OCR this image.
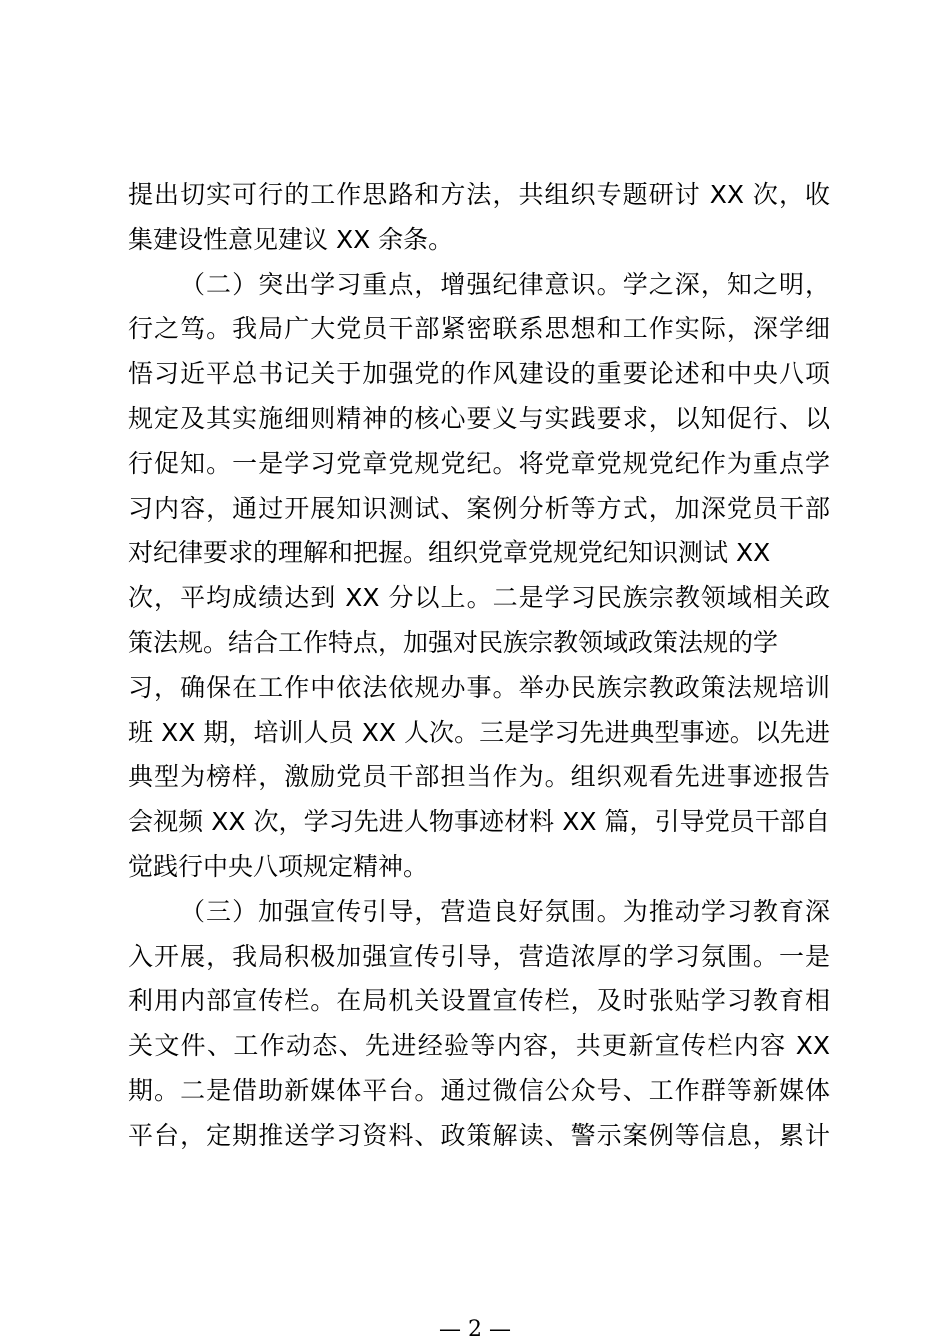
提出切实可行的工作思路和方法，共组织专题研讨 XX 次，收
集建设性意见建议 XX 余条。
（二）突出学习重点，增强纪律意识。学之深，知之明，
行之笃。我局广大党员干部紧密联系思想和工作实际，深学细
悟习近平总书记关于加强党的作风建设的重要论述和中央八项
规定及其实施细则精神的核心要义与实践要求，以知促行、以
行促知。一是学习党章党规党纪。将党章党规党纪作为重点学
习内容，通过开展知识测试、案例分析等方式，加深党员干部
对纪律要求的理解和把握。组织党章党规党纪知识测试 XX
次，平均成绩达到 XX 分以上。二是学习民族宗教领域相关政
策法规。结合工作特点，加强对民族宗教领域政策法规的学
习，确保在工作中依法依规办事。举办民族宗教政策法规培训
班 XX 期，培训人员 XX 人次。三是学习先进典型事迹。以先进
典型为榜样，激励党员干部担当作为。组织观看先进事迹报告
会视频 XX 次，学习先进人物事迹材料 XX 篇，引导党员干部自
觉践行中央八项规定精神。
（三）加强宣传引导，营造良好氛围。为推动学习教育深
入开展，我局积极加强宣传引导，营造浓厚的学习氛围。一是
利用内部宣传栏。在局机关设置宣传栏，及时张贴学习教育相
关文件、工作动态、先进经验等内容，共更新宣传栏内容 XX
期。二是借助新媒体平台。通过微信公众号、工作群等新媒体
平台，定期推送学习资料、政策解读、警示案例等信息，累计
— 2 —
